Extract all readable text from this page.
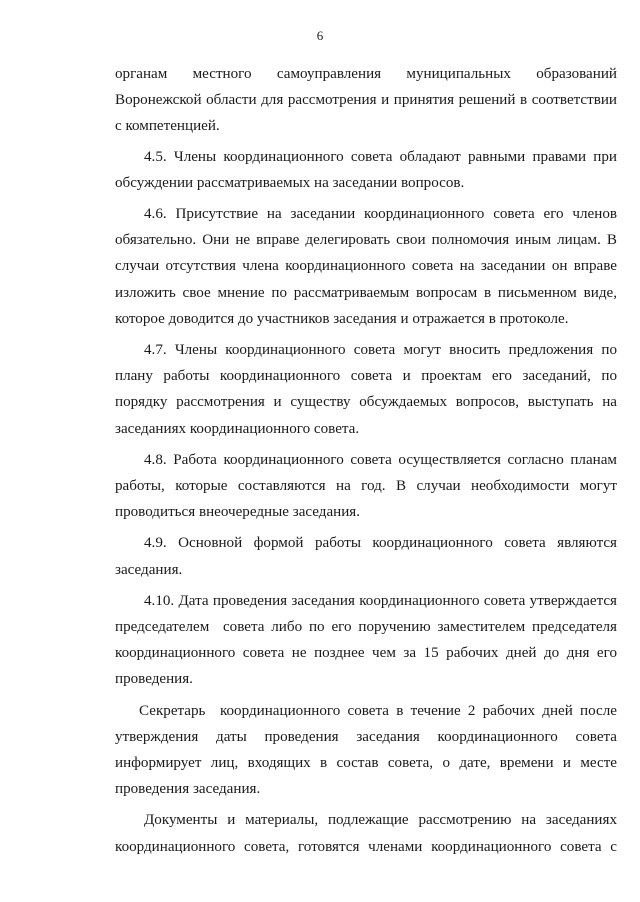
6

органам местного самоуправления муниципальных образований
Воронежской области для рассмотрения и принятия решений в соответствии
с компетенцией.

4.5. Члены координационного совета обладают равными правами при
обсуждении рассматриваемых на заседании вопросов.

4.6. Присутствие на заседании координационного совета его членов
обязательно. Они не вправе делегировать свои полномочия иным лицам. В
случаи отсутствия члена координационного совета на заседании он вправе
изложить свое мнение по рассматриваемым вопросам в письменном виде,
которое доводится до участников заседания и отражается в протоколе.

4.7. Члены координационного совета могут вносить предложения по
плану работы координационного совета и проектам его заседаний, по
порядку рассмотрения и существу обсуждаемых вопросов, выступать на
заседаниях координационного совета.

4.8. Работа координационного совета осуществляется согласно планам
работы, которые составляются на год. В случаи необходимости могут
проводиться внеочередные заседания.

4.9. Основной формой работы координационного совета являются
заседания.

4.10. Дата проведения заседания координационного совета утверждается
председателем  совета либо по его поручению заместителем председателя
координационного совета не позднее чем за 15 рабочих дней до дня его
проведения.

Секретарь  координационного совета в течение 2 рабочих дней после
утверждения даты проведения заседания координационного совета
информирует лиц, входящих в состав совета, о дате, времени и месте
проведения заседания.

Документы и материалы, подлежащие рассмотрению на заседаниях
координационного совета, готовятся членами координационного совета с
